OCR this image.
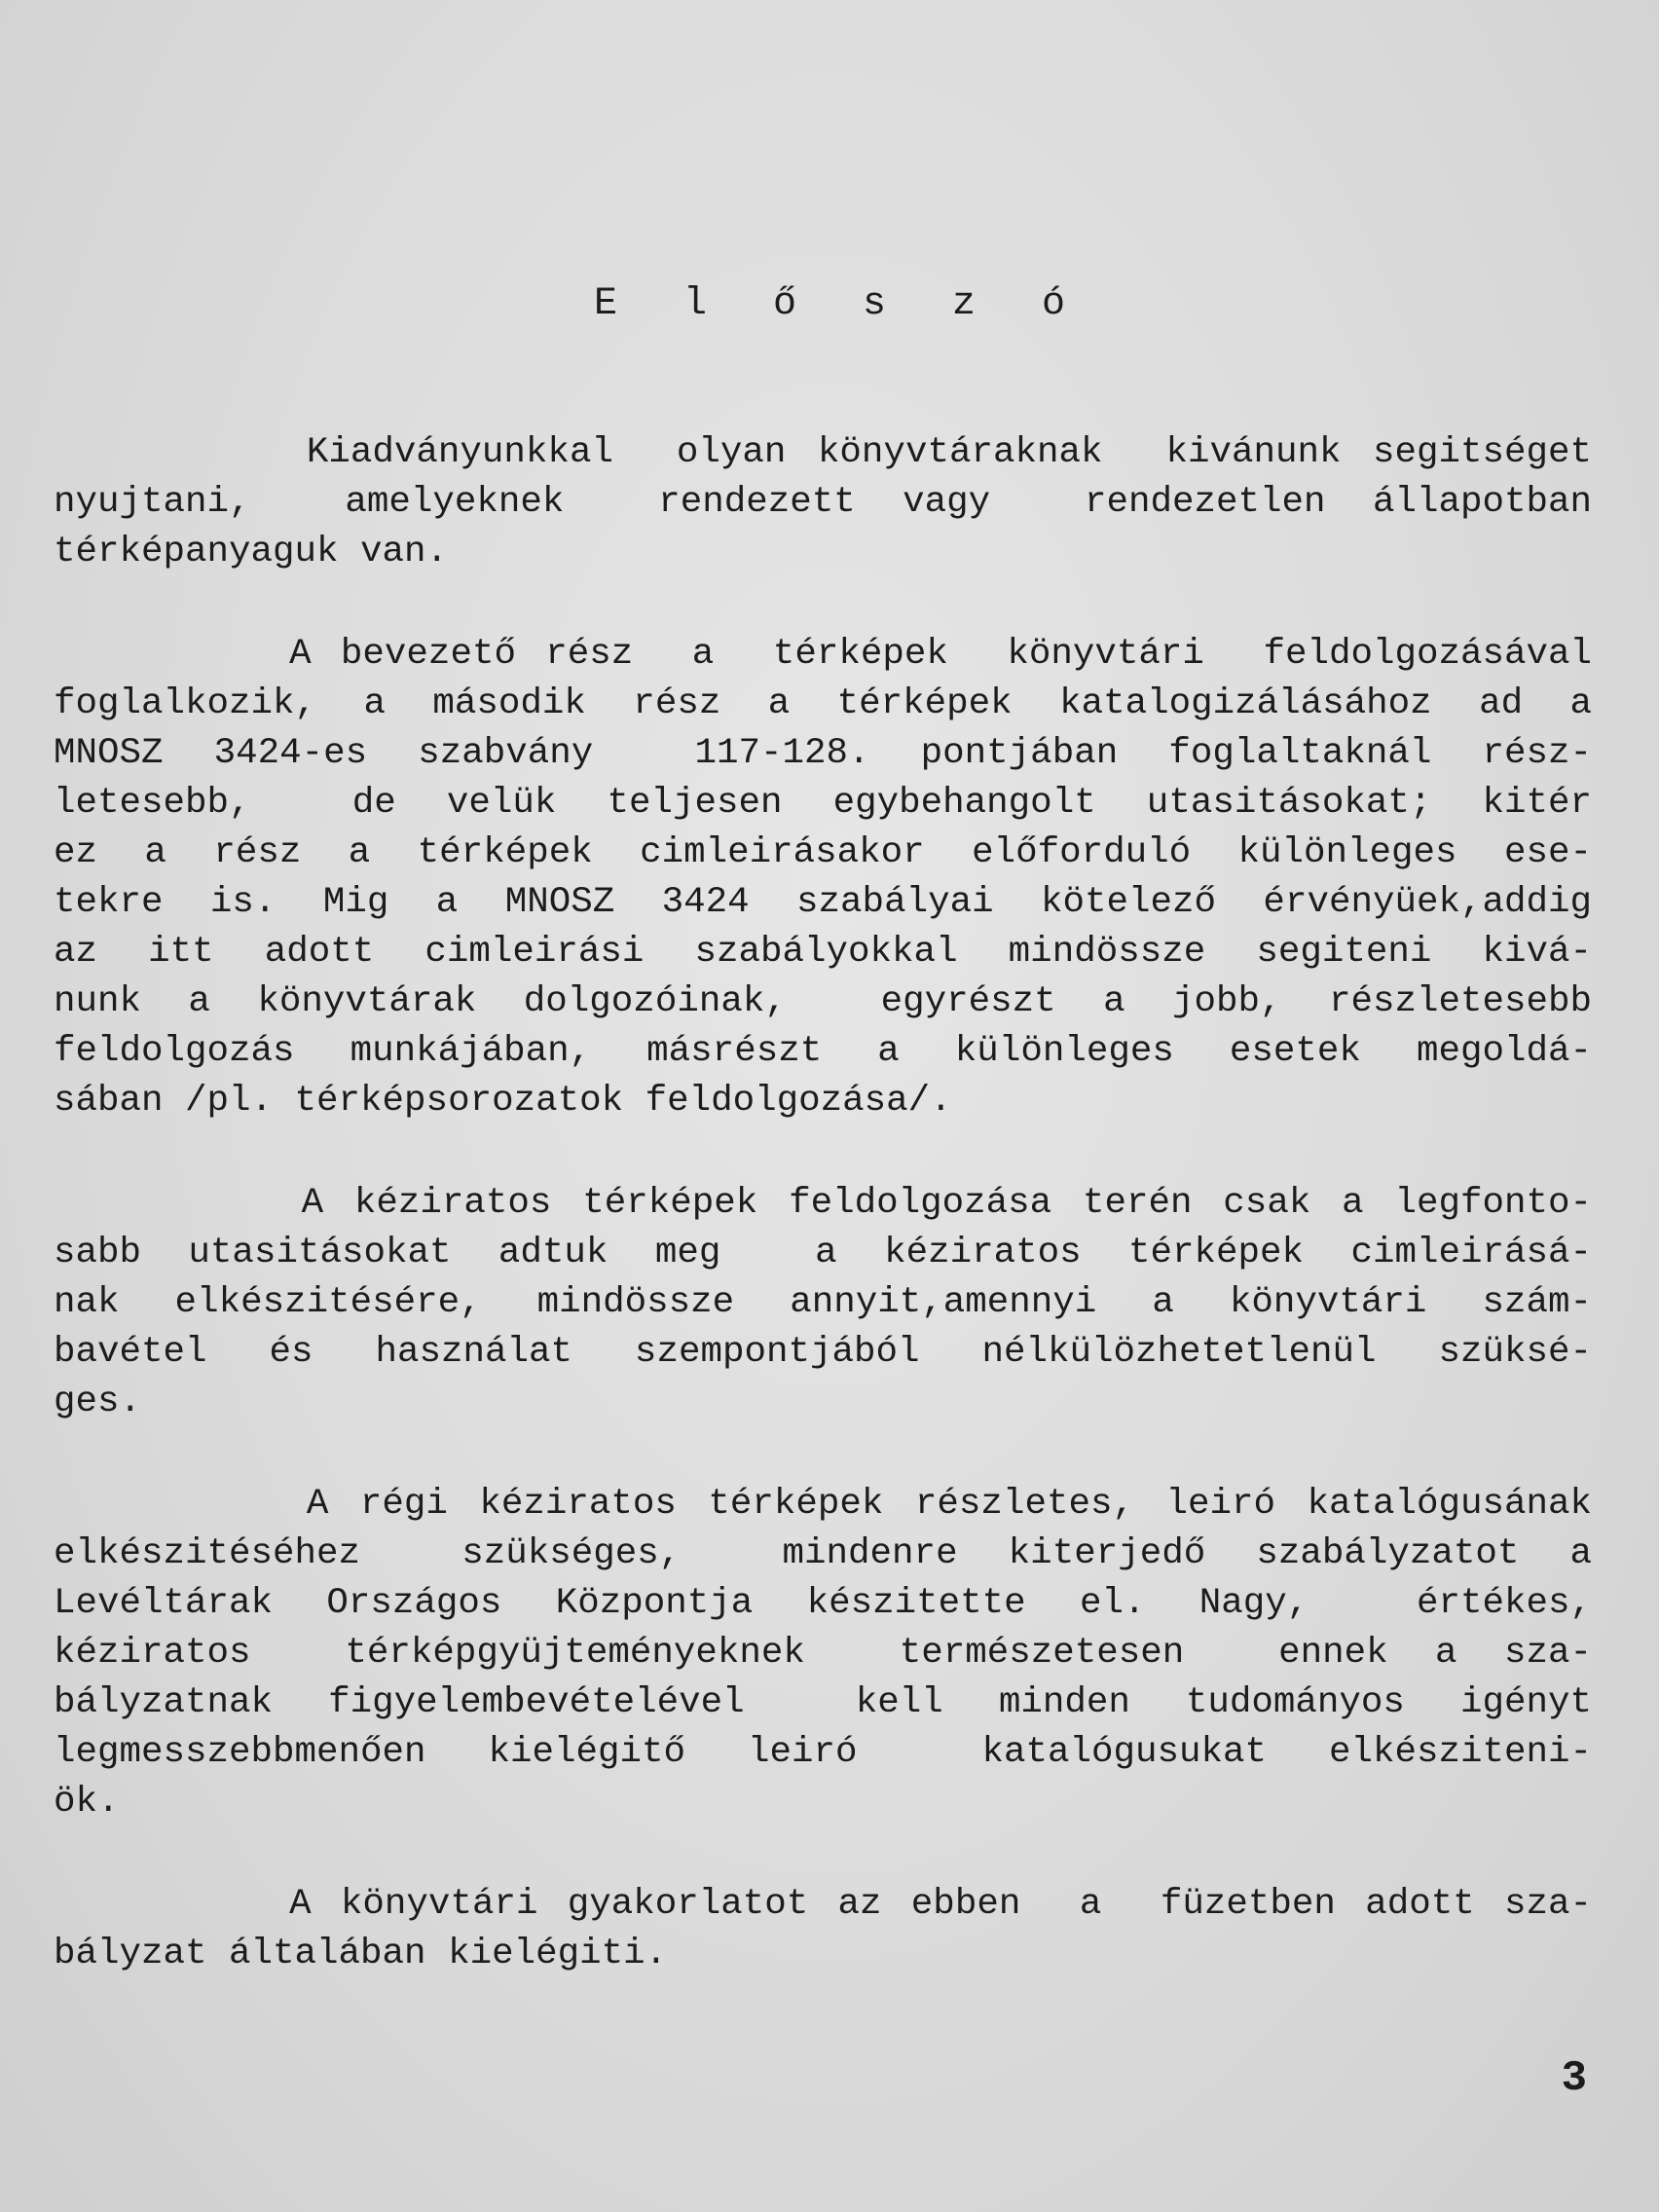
E l ő s z ó
Kiadványunkkal  olyan könyvtáraknak  kivánunk segitséget
nyujtani,  amelyeknek  rendezett vagy  rendezetlen állapotban
térképanyaguk van.
A bevezető rész  a  térképek  könyvtári  feldolgozásával
foglalkozik, a második rész a térképek katalogizálásához ad a
MNOSZ 3424-es szabvány  117-128. pontjában foglaltaknál rész-
letesebb,  de velük teljesen egybehangolt utasitásokat; kitér
ez a rész a térképek cimleirásakor előforduló különleges ese-
tekre is. Mig a MNOSZ 3424 szabályai kötelező érvényüek,addig
az itt adott cimleirási szabályokkal mindössze segiteni kivá-
nunk a könyvtárak dolgozóinak,  egyrészt a jobb, részletesebb
feldolgozás munkájában, másrészt a különleges esetek megoldá-
sában /pl. térképsorozatok feldolgozása/.
A kéziratos térképek feldolgozása terén csak a legfonto-
sabb utasitásokat adtuk meg  a kéziratos térképek cimleirásá-
nak elkészitésére, mindössze annyit,amennyi a könyvtári szám-
bavétel és használat szempontjából nélkülözhetetlenül szüksé-
ges.
A régi kéziratos térképek részletes, leiró katalógusának
elkészitéséhez  szükséges,  mindenre kiterjedő szabályzatot a
Levéltárak Országos Központja készitette el. Nagy,  értékes,
kéziratos  térképgyüjteményeknek  természetesen  ennek a sza-
bályzatnak figyelembevételével  kell minden tudományos igényt
legmesszebbmenően kielégitő leiró  katalógusukat elkésziteni-
ök.
A könyvtári gyakorlatot az ebben  a  füzetben adott sza-
bályzat általában kielégiti.
3
